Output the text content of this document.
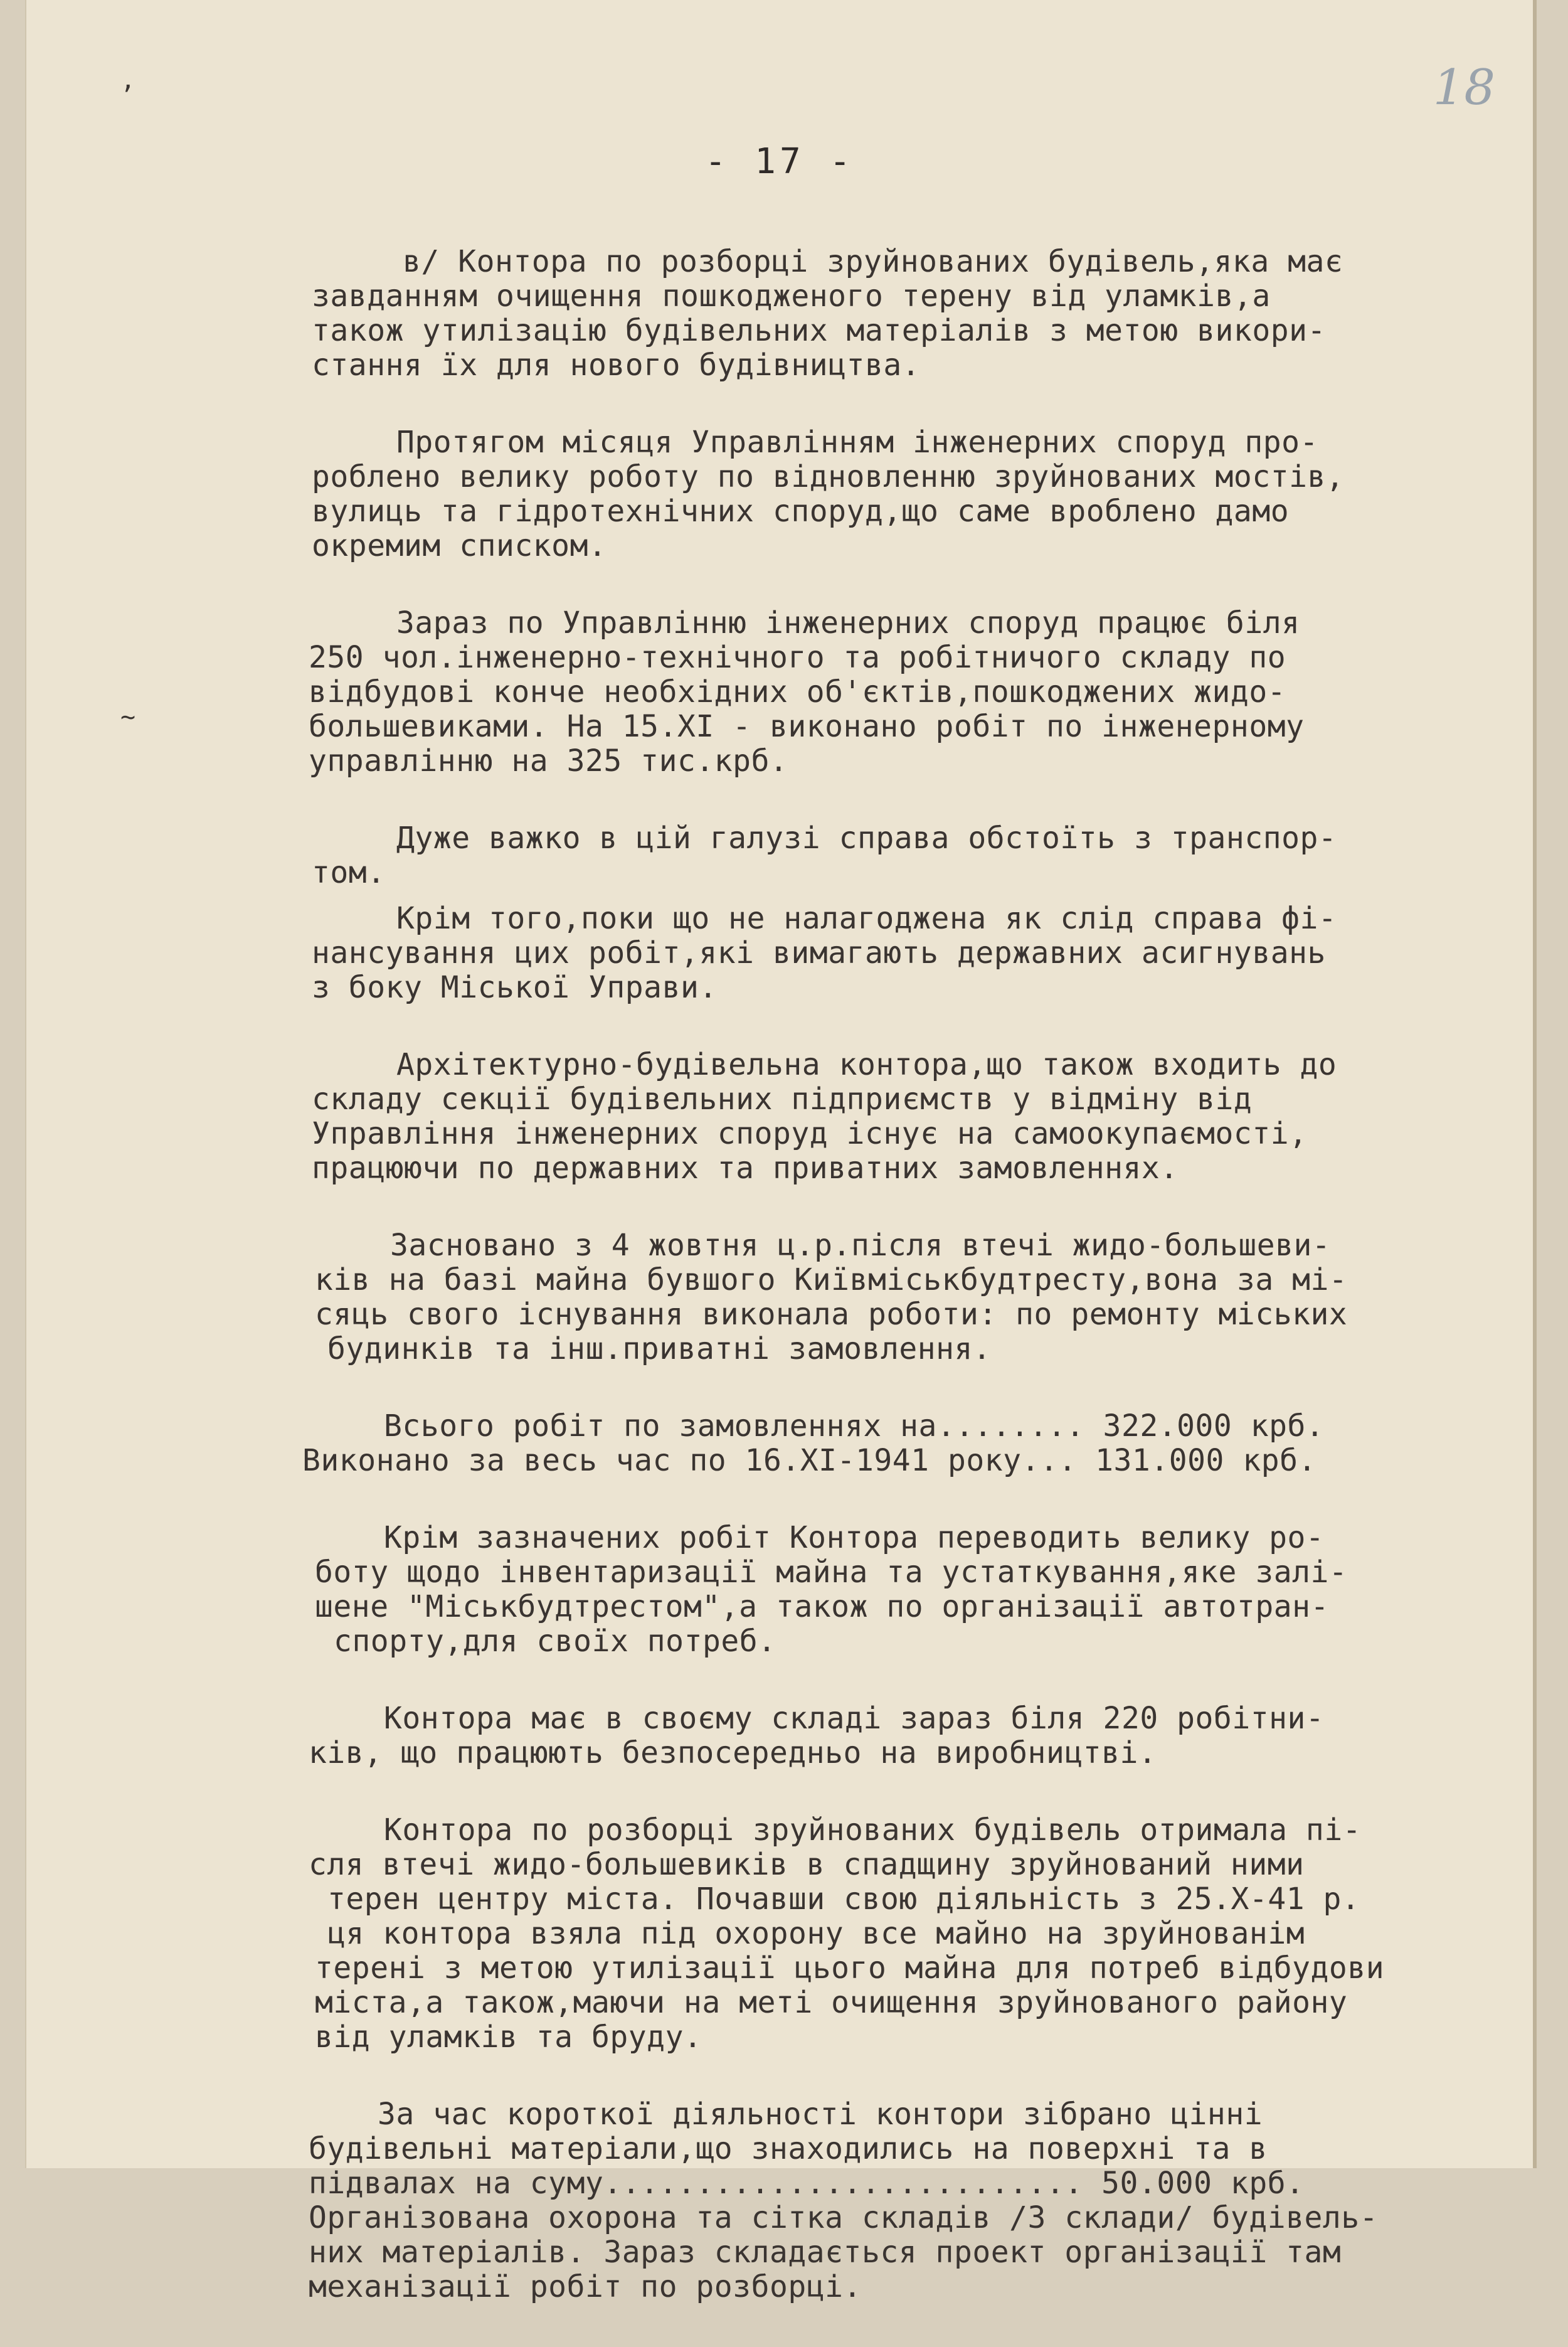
18
- 17 -
,
~
в/ Контора по розборці зруйнованих будівель,яка має
завданням очищення пошкодженого терену від уламків,а
також утилізацію будівельних матеріалів з метою викори-
стання їх для нового будівництва.
Протягом місяця Управлінням інженерних споруд про-
роблено велику роботу по відновленню зруйнованих мостів,
вулиць та гідротехнічних споруд,що саме вроблено дамо
окремим списком.
Зараз по Управлінню інженерних споруд працює біля
250 чол.інженерно-технічного та робітничого складу по
відбудові конче необхідних об'єктів,пошкоджених жидо-
большевиками. На 15.XI - виконано робіт по інженерному
управлінню на 325 тис.крб.
Дуже важко в цій галузі справа обстоїть з транспор-
том.
Крім того,поки що не налагоджена як слід справа фі-
нансування цих робіт,які вимагають державних асигнувань
з боку Міської Управи.
Архітектурно-будівельна контора,що також входить до
складу секції будівельних підприємств у відміну від
Управління інженерних споруд існує на самоокупаємості,
працюючи по державних та приватних замовленнях.
Засновано з 4 жовтня ц.р.після втечі жидо-большеви-
ків на базі майна бувшого Київміськбудтресту,вона за мі-
сяць свого існування виконала роботи: по ремонту міських
будинків та інш.приватні замовлення.
Всього робіт по замовленнях на........ 322.000 крб.
Виконано за весь час по 16.XI-1941 року... 131.000 крб.
Крім зазначених робіт Контора переводить велику ро-
боту щодо інвентаризації майна та устаткування,яке залі-
шене "Міськбудтрестом",а також по організації автотран-
спорту,для своїх потреб.
Контора має в своєму складі зараз біля 220 робітни-
ків, що працюють безпосередньо на виробництві.
Контора по розборці зруйнованих будівель отримала пі-
сля втечі жидо-большевиків в спадщину зруйнований ними
терен центру міста. Почавши свою діяльність з 25.X-41 р.
ця контора взяла під охорону все майно на зруйнованім
терені з метою утилізації цього майна для потреб відбудови
міста,а також,маючи на меті очищення зруйнованого району
від уламків та бруду.
За час короткої діяльності контори зібрано цінні
будівельні матеріали,що знаходились на поверхні та в
підвалах на суму.......................... 50.000 крб.
Організована охорона та сітка складів /3 склади/ будівель-
них матеріалів. Зараз складається проект організації там
механізації робіт по розборці.
